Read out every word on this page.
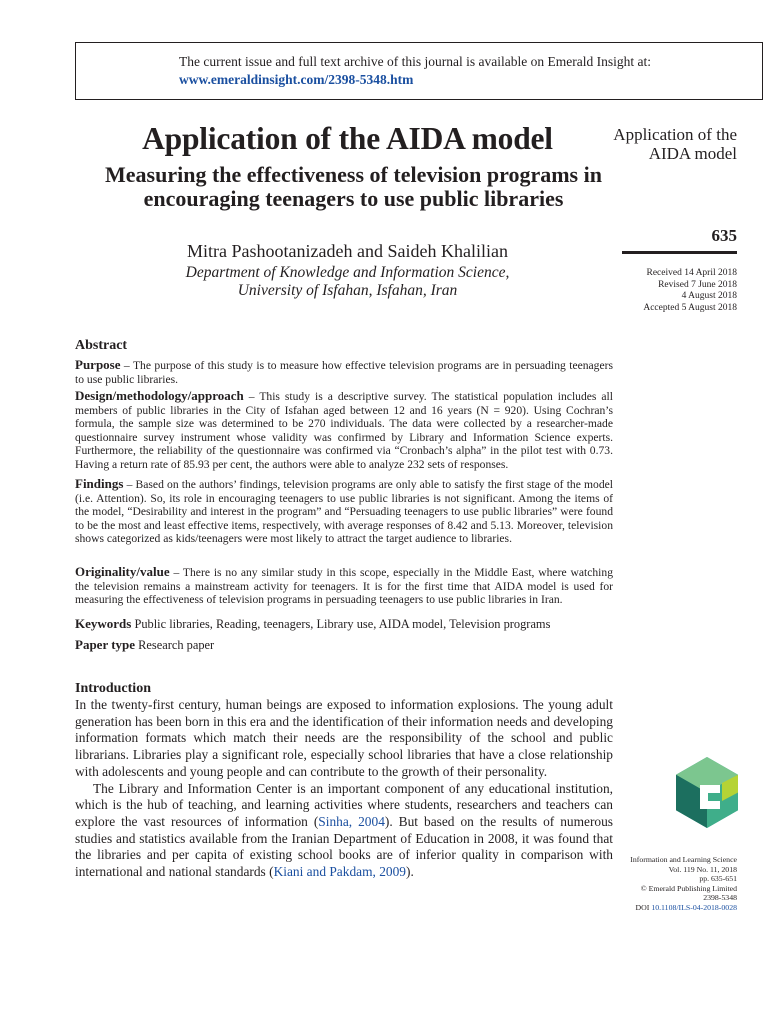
The current issue and full text archive of this journal is available on Emerald Insight at:
www.emeraldinsight.com/2398-5348.htm
Application of the AIDA model
Measuring the effectiveness of television programs in encouraging teenagers to use public libraries
Mitra Pashootanizadeh and Saideh Khalilian
Department of Knowledge and Information Science,
University of Isfahan, Isfahan, Iran
Application of the AIDA model
635
Received 14 April 2018
Revised 7 June 2018
4 August 2018
Accepted 5 August 2018
Abstract
Purpose – The purpose of this study is to measure how effective television programs are in persuading teenagers to use public libraries.
Design/methodology/approach – This study is a descriptive survey. The statistical population includes all members of public libraries in the City of Isfahan aged between 12 and 16 years (N = 920). Using Cochran’s formula, the sample size was determined to be 270 individuals. The data were collected by a researcher-made questionnaire survey instrument whose validity was confirmed by Library and Information Science experts. Furthermore, the reliability of the questionnaire was confirmed via “Cronbach’s alpha” in the pilot test with 0.73. Having a return rate of 85.93 per cent, the authors were able to analyze 232 sets of responses.
Findings – Based on the authors’ findings, television programs are only able to satisfy the first stage of the model (i.e. Attention). So, its role in encouraging teenagers to use public libraries is not significant. Among the items of the model, “Desirability and interest in the program” and “Persuading teenagers to use public libraries” were found to be the most and least effective items, respectively, with average responses of 8.42 and 5.13. Moreover, television shows categorized as kids/teenagers were most likely to attract the target audience to libraries.
Originality/value – There is no any similar study in this scope, especially in the Middle East, where watching the television remains a mainstream activity for teenagers. It is for the first time that AIDA model is used for measuring the effectiveness of television programs in persuading teenagers to use public libraries in Iran.
Keywords Public libraries, Reading, teenagers, Library use, AIDA model, Television programs
Paper type Research paper
Introduction

In the twenty-first century, human beings are exposed to information explosions. The young adult generation has been born in this era and the identification of their information needs and developing information formats which match their needs are the responsibility of the school and public librarians. Libraries play a significant role, especially school libraries that have a close relationship with adolescents and young people and can contribute to the growth of their personality.

The Library and Information Center is an important component of any educational institution, which is the hub of teaching, and learning activities where students, researchers and teachers can explore the vast resources of information (Sinha, 2004). But based on the results of numerous studies and statistics available from the Iranian Department of Education in 2008, it was found that the libraries and per capita of existing school books are of inferior quality in comparison with international and national standards (Kiani and Pakdam, 2009).

Information and Learning Science
Vol. 119 No. 11, 2018
pp. 635-651
© Emerald Publishing Limited
2398-5348
DOI 10.1108/ILS-04-2018-0028
